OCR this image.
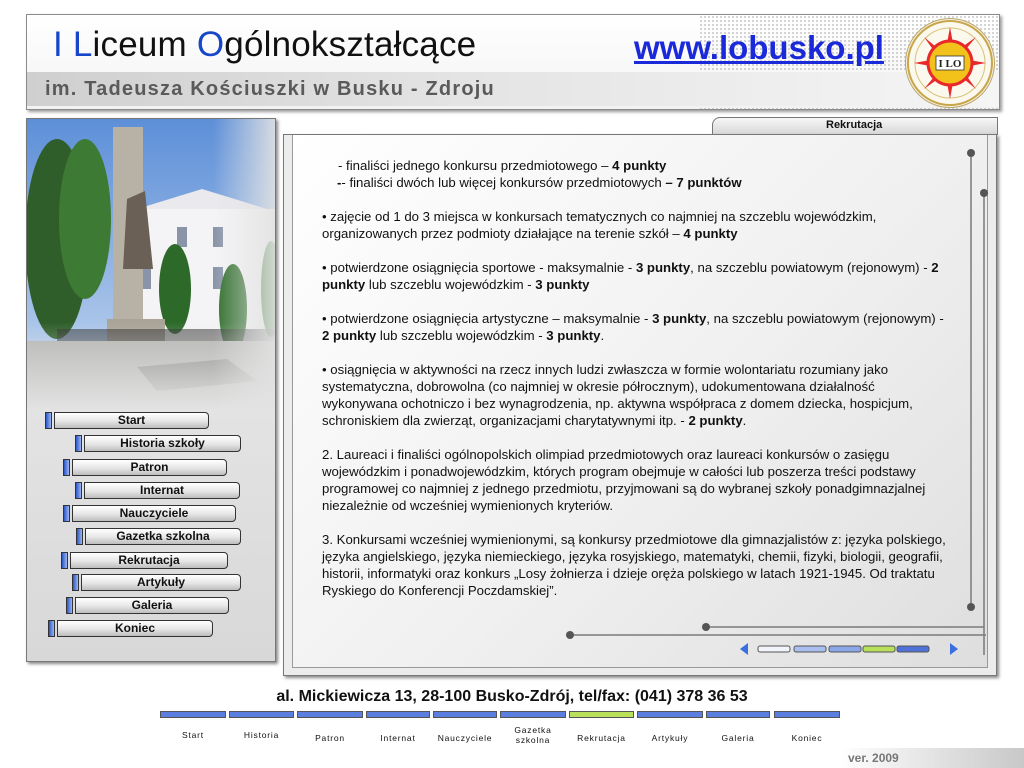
I Liceum Ogólnokształcące	www.lobusko.pl
im. Tadeusza Kościuszki w Busku - Zdroju
I LO
Rekrutacja
Start
Historia szkoły
Patron
Internat
Nauczyciele
Gazetka szkolna
Rekrutacja
Artykuły
Galeria
Koniec
- finaliści jednego konkursu przedmiotowego – 4 punkty
-- finaliści dwóch lub więcej konkursów przedmiotowych – 7 punktów

• zajęcie od 1 do 3 miejsca w konkursach tematycznych co najmniej na szczeblu wojewódzkim, organizowanych przez podmioty działające na terenie szkół – 4 punkty

• potwierdzone osiągnięcia sportowe - maksymalnie - 3 punkty, na szczeblu powiatowym (rejonowym) - 2 punkty lub szczeblu wojewódzkim - 3 punkty

• potwierdzone osiągnięcia artystyczne – maksymalnie - 3 punkty, na szczeblu powiatowym (rejonowym) - 2 punkty lub szczeblu wojewódzkim - 3 punkty.

• osiągnięcia w aktywności na rzecz innych ludzi zwłaszcza w formie wolontariatu rozumiany jako systematyczna, dobrowolna (co najmniej w okresie półrocznym), udokumentowana działalność wykonywana ochotniczo i bez wynagrodzenia, np. aktywna współpraca z domem dziecka, hospicjum, schroniskiem dla zwierząt, organizacjami charytatywnymi itp. - 2 punkty.

2. Laureaci i finaliści ogólnopolskich olimpiad przedmiotowych oraz laureaci konkursów o zasięgu wojewódzkim i ponadwojewódzkim, których program obejmuje w całości lub poszerza treści podstawy programowej co najmniej z jednego przedmiotu, przyjmowani są do wybranej szkoły ponadgimnazjalnej niezależnie od wcześniej wymienionych kryteriów.

3. Konkursami wcześniej wymienionymi, są konkursy przedmiotowe dla gimnazjalistów z: języka polskiego, języka angielskiego, języka niemieckiego, języka rosyjskiego, matematyki, chemii, fizyki, biologii, geografii, historii, informatyki oraz konkurs „Losy żołnierza i dzieje oręża polskiego w latach 1921-1945. Od traktatu Ryskiego do Konferencji Poczdamskiej”.

al. Mickiewicza 13, 28-100 Busko-Zdrój, tel/fax: (041) 378 36 53
Start	Historia	Patron	Internat	Nauczyciele
Gazetka szkolna	Rekrutacja	Artykuły	Galeria	Koniec
ver. 2009
